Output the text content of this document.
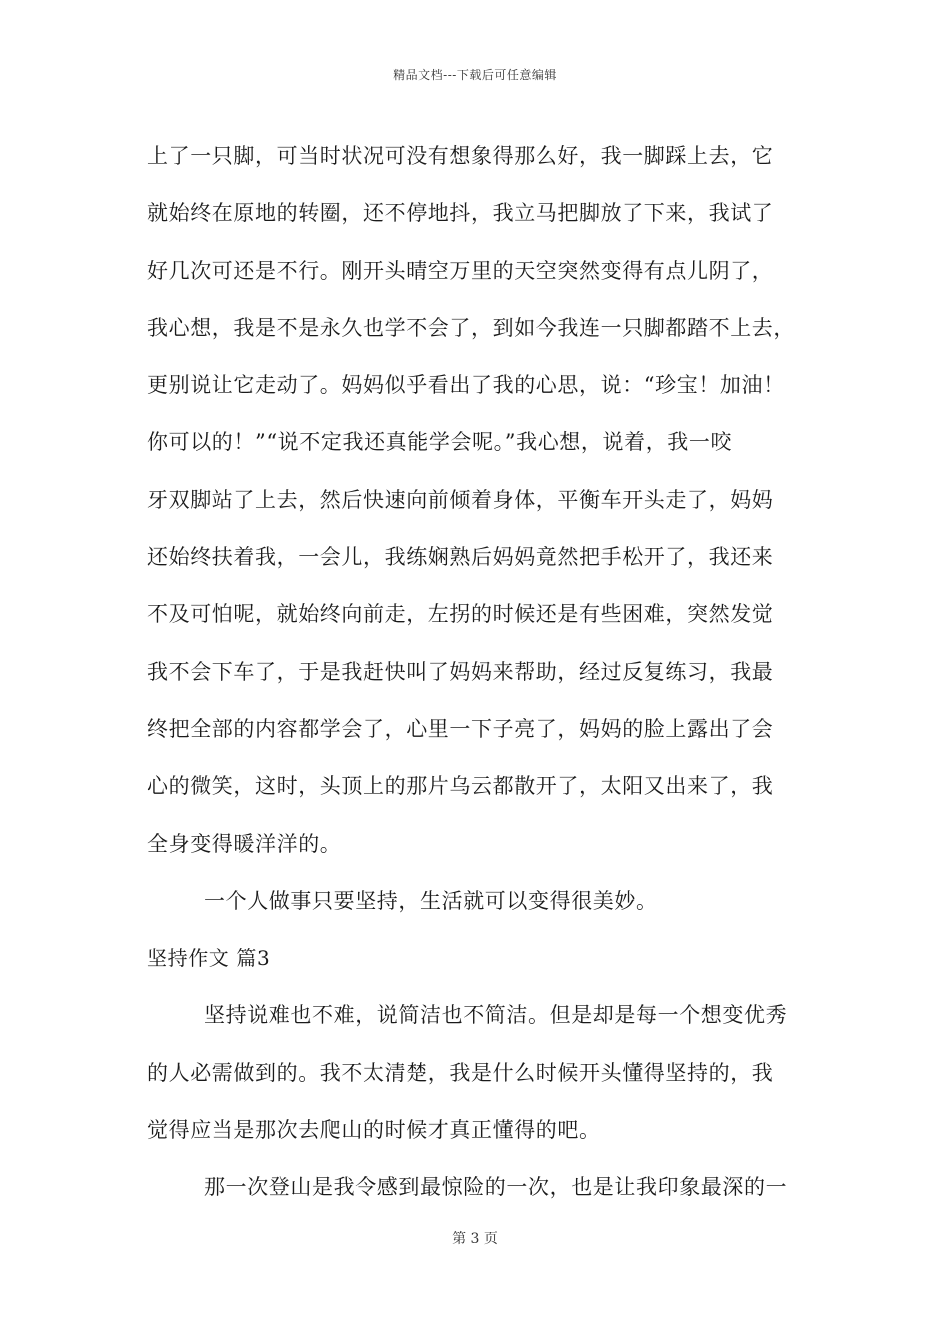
精品文档---下载后可任意编辑
上了一只脚，可当时状况可没有想象得那么好，我一脚踩上去，它
就始终在原地的转圈，还不停地抖，我立马把脚放了下来，我试了
好几次可还是不行。刚开头晴空万里的天空突然变得有点儿阴了，
我心想，我是不是永久也学不会了，到如今我连一只脚都踏不上去，
更别说让它走动了。妈妈似乎看出了我的心思，说：“珍宝！加油！
你可以的！”“说不定我还真能学会呢。”我心想，说着，我一咬
牙双脚站了上去，然后快速向前倾着身体，平衡车开头走了，妈妈
还始终扶着我，一会儿，我练娴熟后妈妈竟然把手松开了，我还来
不及可怕呢，就始终向前走，左拐的时候还是有些困难，突然发觉
我不会下车了，于是我赶快叫了妈妈来帮助，经过反复练习，我最
终把全部的内容都学会了，心里一下子亮了，妈妈的脸上露出了会
心的微笑，这时，头顶上的那片乌云都散开了，太阳又出来了，我
全身变得暖洋洋的。
一个人做事只要坚持，生活就可以变得很美妙。
坚持作文 篇3
坚持说难也不难，说简洁也不简洁。但是却是每一个想变优秀
的人必需做到的。我不太清楚，我是什么时候开头懂得坚持的，我
觉得应当是那次去爬山的时候才真正懂得的吧。
那一次登山是我令感到最惊险的一次，也是让我印象最深的一
第 3 页
